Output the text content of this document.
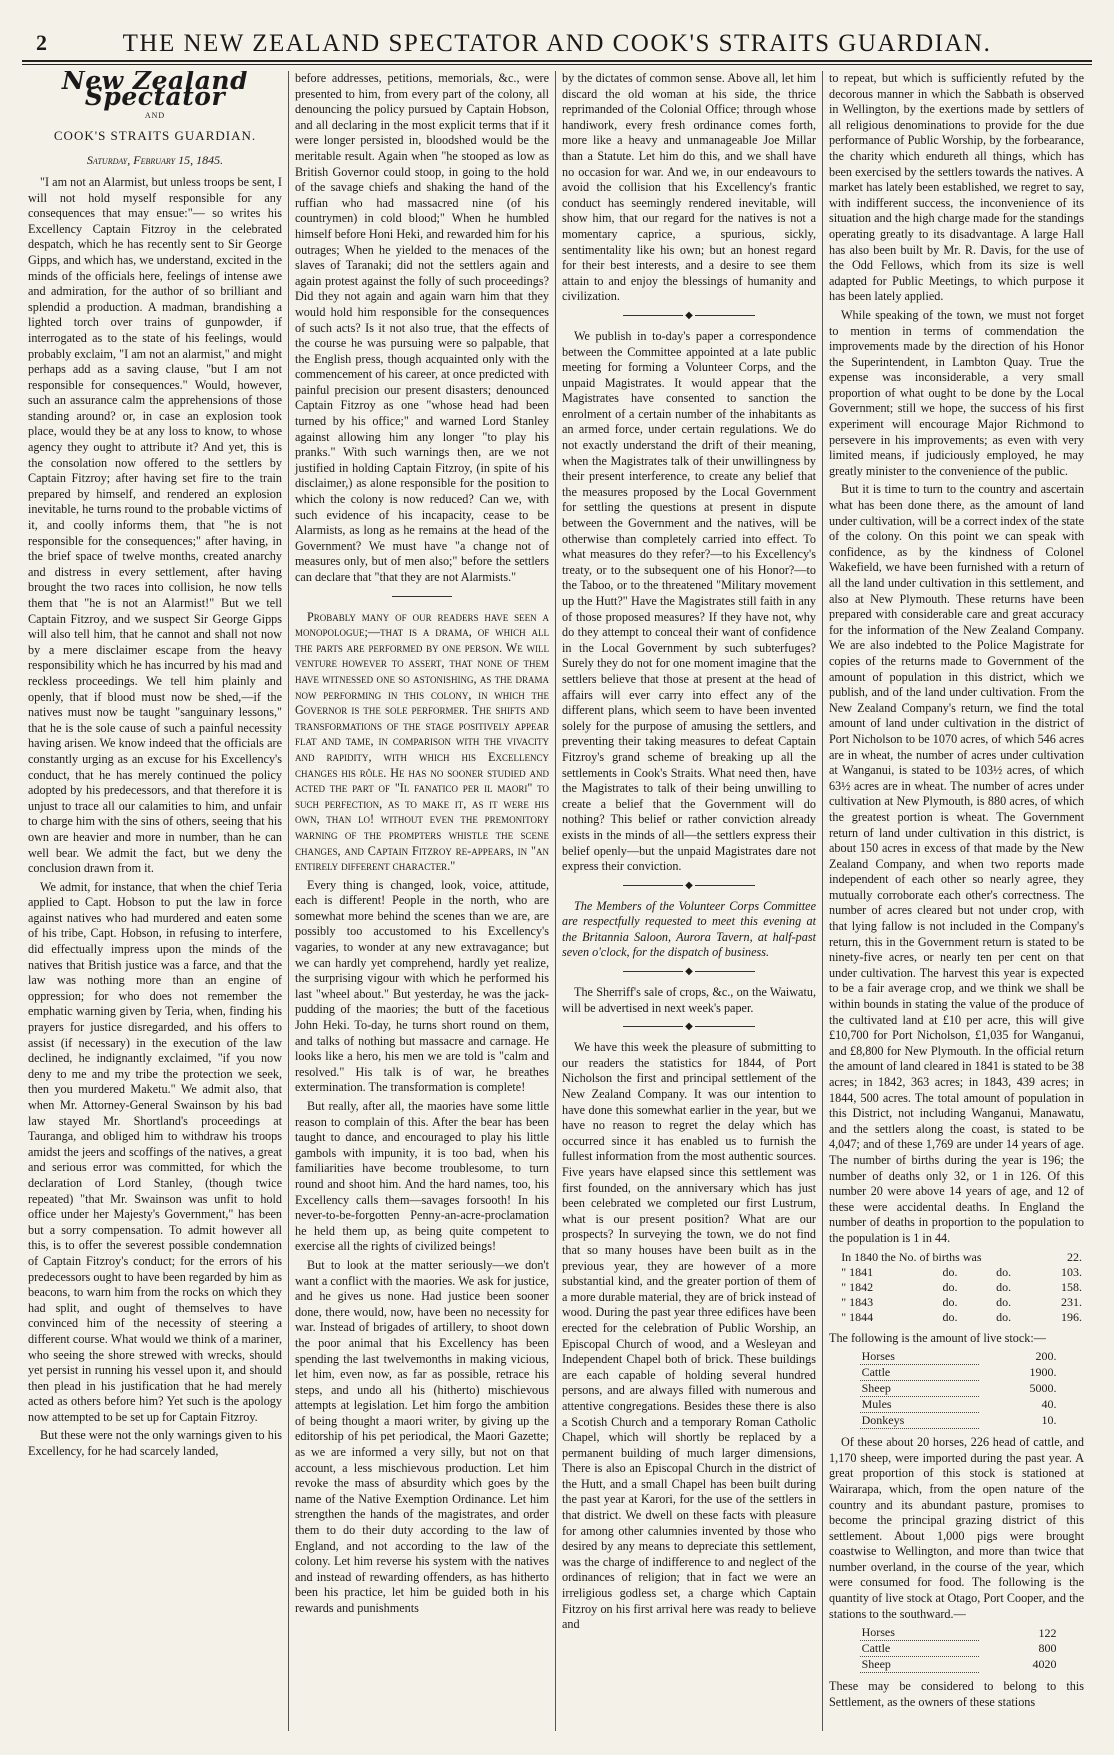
2	THE NEW ZEALAND SPECTATOR AND COOK'S STRAITS GUARDIAN.
New Zealand Spectator
AND
COOK'S STRAITS GUARDIAN.
Saturday, February 15, 1845.

"I am not an Alarmist, but unless troops be sent, I will not hold myself responsible for any consequences that may ensue:"— so writes his Excellency Captain Fitzroy in the celebrated despatch, which he has recently sent to Sir George Gipps, and which has, we understand, excited in the minds of the officials here, feelings of intense awe and admiration, for the author of so brilliant and splendid a production. A madman, brandishing a lighted torch over trains of gunpowder, if interrogated as to the state of his feelings, would probably exclaim, "I am not an alarmist," and might perhaps add as a saving clause, "but I am not responsible for consequences." Would, however, such an assurance calm the apprehensions of those standing around? or, in case an explosion took place, would they be at any loss to know, to whose agency they ought to attribute it? And yet, this is the consolation now offered to the settlers by Captain Fitzroy; after having set fire to the train prepared by himself, and rendered an explosion inevitable, he turns round to the probable victims of it, and coolly informs them, that "he is not responsible for the consequences;" after having, in the brief space of twelve months, created anarchy and distress in every settlement, after having brought the two races into collision, he now tells them that "he is not an Alarmist!" But we tell Captain Fitzroy, and we suspect Sir George Gipps will also tell him, that he cannot and shall not now by a mere disclaimer escape from the heavy responsibility which he has incurred by his mad and reckless proceedings. We tell him plainly and openly, that if blood must now be shed,—if the natives must now be taught "sanguinary lessons," that he is the sole cause of such a painful necessity having arisen. We know indeed that the officials are constantly urging as an excuse for his Excellency's conduct, that he has merely continued the policy adopted by his predecessors, and that therefore it is unjust to trace all our calamities to him, and unfair to charge him with the sins of others, seeing that his own are heavier and more in number, than he can well bear. We admit the fact, but we deny the conclusion drawn from it.

We admit, for instance, that when the chief Teria applied to Capt. Hobson to put the law in force against natives who had murdered and eaten some of his tribe, Capt. Hobson, in refusing to interfere, did effectually impress upon the minds of the natives that British justice was a farce, and that the law was nothing more than an engine of oppression; for who does not remember the emphatic warning given by Teria, when, finding his prayers for justice disregarded, and his offers to assist (if necessary) in the execution of the law declined, he indignantly exclaimed, "if you now deny to me and my tribe the protection we seek, then you murdered Maketu." We admit also, that when Mr. Attorney-General Swainson by his bad law stayed Mr. Shortland's proceedings at Tauranga, and obliged him to withdraw his troops amidst the jeers and scoffings of the natives, a great and serious error was committed, for which the declaration of Lord Stanley, (though twice repeated) "that Mr. Swainson was unfit to hold office under her Majesty's Government," has been but a sorry compensation. To admit however all this, is to offer the severest possible condemnation of Captain Fitzroy's conduct; for the errors of his predecessors ought to have been regarded by him as beacons, to warn him from the rocks on which they had split, and ought of themselves to have convinced him of the necessity of steering a different course. What would we think of a mariner, who seeing the shore strewed with wrecks, should yet persist in running his vessel upon it, and should then plead in his justification that he had merely acted as others before him? Yet such is the apology now attempted to be set up for Captain Fitzroy.

But these were not the only warnings given to his Excellency, for he had scarcely landed,

before addresses, petitions, memorials, &c., were presented to him, from every part of the colony, all denouncing the policy pursued by Captain Hobson, and all declaring in the most explicit terms that if it were longer persisted in, bloodshed would be the meritable result. Again when "he stooped as low as British Governor could stoop, in going to the hold of the savage chiefs and shaking the hand of the ruffian who had massacred nine (of his countrymen) in cold blood;" When he humbled himself before Honi Heki, and rewarded him for his outrages; When he yielded to the menaces of the slaves of Taranaki; did not the settlers again and again protest against the folly of such proceedings? Did they not again and again warn him that they would hold him responsible for the consequences of such acts? Is it not also true, that the effects of the course he was pursuing were so palpable, that the English press, though acquainted only with the commencement of his career, at once predicted with painful precision our present disasters; denounced Captain Fitzroy as one "whose head had been turned by his office;" and warned Lord Stanley against allowing him any longer "to play his pranks." With such warnings then, are we not justified in holding Captain Fitzroy, (in spite of his disclaimer,) as alone responsible for the position to which the colony is now reduced? Can we, with such evidence of his incapacity, cease to be Alarmists, as long as he remains at the head of the Government? We must have "a change not of measures only, but of men also;" before the settlers can declare that "that they are not Alarmists."

Probably many of our readers have seen a monopologue;—that is a drama, of which all the parts are performed by one person. We will venture however to assert, that none of them have witnessed one so astonishing, as the drama now performing in this colony, in which the Governor is the sole performer. The shifts and transformations of the stage positively appear flat and tame, in comparison with the vivacity and rapidity, with which his Excellency changes his rôle. He has no sooner studied and acted the part of "Il fanatico per il maori" to such perfection, as to make it, as it were his own, than lo! without even the premonitory warning of the prompters whistle the scene changes, and Captain Fitzroy re-appears, in "an entirely different character."

Every thing is changed, look, voice, attitude, each is different! People in the north, who are somewhat more behind the scenes than we are, are possibly too accustomed to his Excellency's vagaries, to wonder at any new extravagance; but we can hardly yet comprehend, hardly yet realize, the surprising vigour with which he performed his last "wheel about." But yesterday, he was the jack-pudding of the maories; the butt of the facetious John Heki. To-day, he turns short round on them, and talks of nothing but massacre and carnage. He looks like a hero, his men we are told is "calm and resolved." His talk is of war, he breathes extermination. The transformation is complete!

But really, after all, the maories have some little reason to complain of this. After the bear has been taught to dance, and encouraged to play his little gambols with impunity, it is too bad, when his familiarities have become troublesome, to turn round and shoot him. And the hard names, too, his Excellency calls them—savages forsooth! In his never-to-be-forgotten Penny-an-acre-proclamation he held them up, as being quite competent to exercise all the rights of civilized beings!

But to look at the matter seriously—we don't want a conflict with the maories. We ask for justice, and he gives us none. Had justice been sooner done, there would, now, have been no necessity for war. Instead of brigades of artillery, to shoot down the poor animal that his Excellency has been spending the last twelvemonths in making vicious, let him, even now, as far as possible, retrace his steps, and undo all his (hitherto) mischievous attempts at legislation. Let him forgo the ambition of being thought a maori writer, by giving up the editorship of his pet periodical, the Maori Gazette; as we are informed a very silly, but not on that account, a less mischievous production. Let him revoke the mass of absurdity which goes by the name of the Native Exemption Ordinance. Let him strengthen the hands of the magistrates, and order them to do their duty according to the law of England, and not according to the law of the colony. Let him reverse his system with the natives and instead of rewarding offenders, as has hitherto been his practice, let him be guided both in his rewards and punishments

by the dictates of common sense. Above all, let him discard the old woman at his side, the thrice reprimanded of the Colonial Office; through whose handiwork, every fresh ordinance comes forth, more like a heavy and unmanageable Joe Millar than a Statute. Let him do this, and we shall have no occasion for war. And we, in our endeavours to avoid the collision that his Excellency's frantic conduct has seemingly rendered inevitable, will show him, that our regard for the natives is not a momentary caprice, a spurious, sickly, sentimentality like his own; but an honest regard for their best interests, and a desire to see them attain to and enjoy the blessings of humanity and civilization.

◆

We publish in to-day's paper a correspondence between the Committee appointed at a late public meeting for forming a Volunteer Corps, and the unpaid Magistrates. It would appear that the Magistrates have consented to sanction the enrolment of a certain number of the inhabitants as an armed force, under certain regulations. We do not exactly understand the drift of their meaning, when the Magistrates talk of their unwillingness by their present interference, to create any belief that the measures proposed by the Local Government for settling the questions at present in dispute between the Government and the natives, will be otherwise than completely carried into effect. To what measures do they refer?—to his Excellency's treaty, or to the subsequent one of his Honor?—to the Taboo, or to the threatened "Military movement up the Hutt?" Have the Magistrates still faith in any of those proposed measures? If they have not, why do they attempt to conceal their want of confidence in the Local Government by such subterfuges? Surely they do not for one moment imagine that the settlers believe that those at present at the head of affairs will ever carry into effect any of the different plans, which seem to have been invented solely for the purpose of amusing the settlers, and preventing their taking measures to defeat Captain Fitzroy's grand scheme of breaking up all the settlements in Cook's Straits. What need then, have the Magistrates to talk of their being unwilling to create a belief that the Government will do nothing? This belief or rather conviction already exists in the minds of all—the settlers express their belief openly—but the unpaid Magistrates dare not express their conviction.

◆

The Members of the Volunteer Corps Committee are respectfully requested to meet this evening at the Britannia Saloon, Aurora Tavern, at half-past seven o'clock, for the dispatch of business.

◆

The Sherriff's sale of crops, &c., on the Waiwatu, will be advertised in next week's paper.

◆

We have this week the pleasure of submitting to our readers the statistics for 1844, of Port Nicholson the first and principal settlement of the New Zealand Company. It was our intention to have done this somewhat earlier in the year, but we have no reason to regret the delay which has occurred since it has enabled us to furnish the fullest information from the most authentic sources. Five years have elapsed since this settlement was first founded, on the anniversary which has just been celebrated we completed our first Lustrum, what is our present position? What are our prospects? In surveying the town, we do not find that so many houses have been built as in the previous year, they are however of a more substantial kind, and the greater portion of them of a more durable material, they are of brick instead of wood. During the past year three edifices have been erected for the celebration of Public Worship, an Episcopal Church of wood, and a Wesleyan and Independent Chapel both of brick. These buildings are each capable of holding several hundred persons, and are always filled with numerous and attentive congregations. Besides these there is also a Scotish Church and a temporary Roman Catholic Chapel, which will shortly be replaced by a permanent building of much larger dimensions, There is also an Episcopal Church in the district of the Hutt, and a small Chapel has been built during the past year at Karori, for the use of the settlers in that district. We dwell on these facts with pleasure for among other calumnies invented by those who desired by any means to depreciate this settlement, was the charge of indifference to and neglect of the ordinances of religion; that in fact we were an irreligious godless set, a charge which Captain Fitzroy on his first arrival here was ready to believe and

to repeat, but which is sufficiently refuted by the decorous manner in which the Sabbath is observed in Wellington, by the exertions made by settlers of all religious denominations to provide for the due performance of Public Worship, by the forbearance, the charity which endureth all things, which has been exercised by the settlers towards the natives. A market has lately been established, we regret to say, with indifferent success, the inconvenience of its situation and the high charge made for the standings operating greatly to its disadvantage. A large Hall has also been built by Mr. R. Davis, for the use of the Odd Fellows, which from its size is well adapted for Public Meetings, to which purpose it has been lately applied.

While speaking of the town, we must not forget to mention in terms of commendation the improvements made by the direction of his Honor the Superintendent, in Lambton Quay. True the expense was inconsiderable, a very small proportion of what ought to be done by the Local Government; still we hope, the success of his first experiment will encourage Major Richmond to persevere in his improvements; as even with very limited means, if judiciously employed, he may greatly minister to the convenience of the public.

But it is time to turn to the country and ascertain what has been done there, as the amount of land under cultivation, will be a correct index of the state of the colony. On this point we can speak with confidence, as by the kindness of Colonel Wakefield, we have been furnished with a return of all the land under cultivation in this settlement, and also at New Plymouth. These returns have been prepared with considerable care and great accuracy for the information of the New Zealand Company. We are also indebted to the Police Magistrate for copies of the returns made to Government of the amount of population in this district, which we publish, and of the land under cultivation. From the New Zealand Company's return, we find the total amount of land under cultivation in the district of Port Nicholson to be 1070 acres, of which 546 acres are in wheat, the number of acres under cultivation at Wanganui, is stated to be 103½ acres, of which 63½ acres are in wheat. The number of acres under cultivation at New Plymouth, is 880 acres, of which the greatest portion is wheat. The Government return of land under cultivation in this district, is about 150 acres in excess of that made by the New Zealand Company, and when two reports made independent of each other so nearly agree, they mutually corroborate each other's correctness. The number of acres cleared but not under crop, with that lying fallow is not included in the Company's return, this in the Government return is stated to be ninety-five acres, or nearly ten per cent on that under cultivation. The harvest this year is expected to be a fair average crop, and we think we shall be within bounds in stating the value of the produce of the cultivated land at £10 per acre, this will give £10,700 for Port Nicholson, £1,035 for Wanganui, and £8,800 for New Plymouth. In the official return the amount of land cleared in 1841 is stated to be 38 acres; in 1842, 363 acres; in 1843, 439 acres; in 1844, 500 acres. The total amount of population in this District, not including Wanganui, Manawatu, and the settlers along the coast, is stated to be 4,047; and of these 1,769 are under 14 years of age. The number of births during the year is 196; the number of deaths only 32, or 1 in 126. Of this number 20 were above 14 years of age, and 12 of these were accidental deaths. In England the number of deaths in proportion to the population to the population is 1 in 44.

In 1840 the No. of births was			22.
" 1841	do.	do.	103.
" 1842	do.	do.	158.
" 1843	do.	do.	231.
" 1844	do.	do.	196.

The following is the amount of live stock:—

Horses	200.
Cattle	1900.
Sheep	5000.
Mules	40.
Donkeys	10.

Of these about 20 horses, 226 head of cattle, and 1,170 sheep, were imported during the past year. A great proportion of this stock is stationed at Wairarapa, which, from the open nature of the country and its abundant pasture, promises to become the principal grazing district of this settlement. About 1,000 pigs were brought coastwise to Wellington, and more than twice that number overland, in the course of the year, which were consumed for food. The following is the quantity of live stock at Otago, Port Cooper, and the stations to the southward.—

Horses	122
Cattle	800
Sheep	4020

These may be considered to belong to this Settlement, as the owners of these stations
